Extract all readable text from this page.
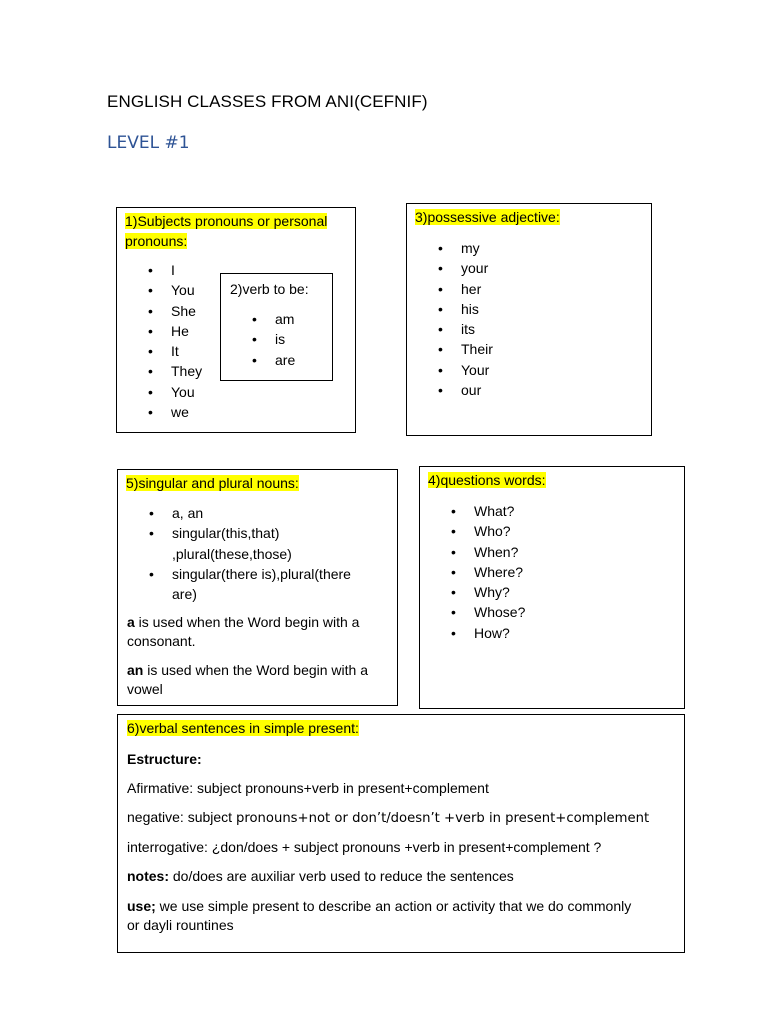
ENGLISH CLASSES FROM ANI(CEFNIF)
LEVEL #1
1)Subjects pronouns or personal
pronouns:
• I
• You
• She
• He
• It
• They
• You
• we
2)verb to be:
• am
• is
• are
3)possessive adjective:
• my
• your
• her
• his
• its
• Their
• Your
• our
5)singular and plural nouns:
• a, an
• singular(this,that)
,plural(these,those)
• singular(there is),plural(there
are)
a is used when the Word begin with a
consonant.
an is used when the Word begin with a
vowel
4)questions words:
• What?
• Who?
• When?
• Where?
• Why?
• Whose?
• How?
6)verbal sentences in simple present:
Estructure:
Afirmative: subject pronouns+verb in present+complement
negative: subject pronouns+not or don’t/doesn’t +verb in present+complement
interrogative: ¿don/does + subject pronouns +verb in present+complement ?
notes: do/does are auxiliar verb used to reduce the sentences
use; we use simple present to describe an action or activity that we do commonly
or dayli rountines
